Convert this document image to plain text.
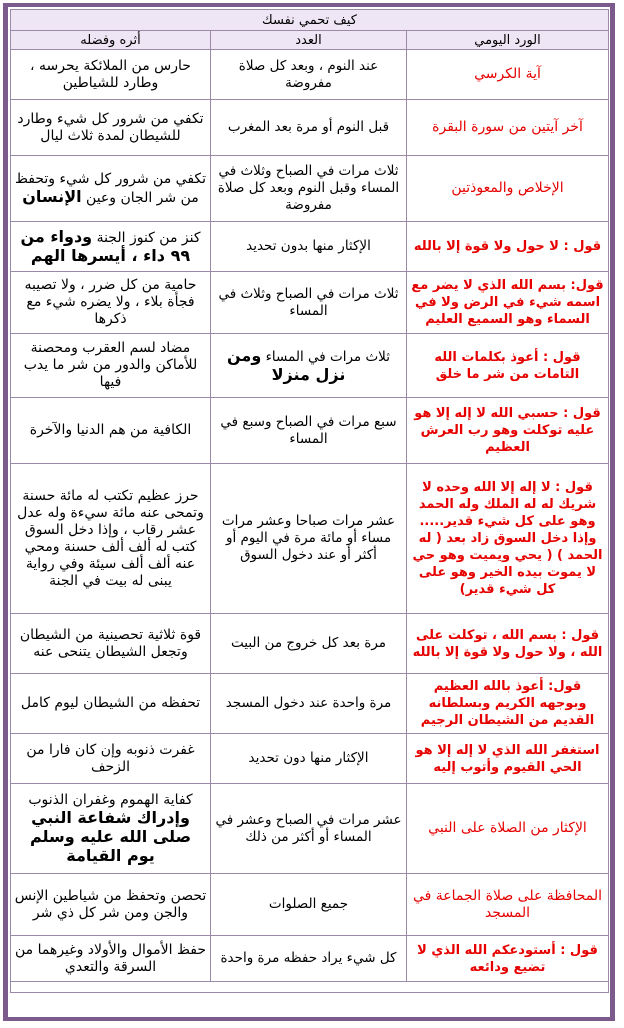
كيف تحمي نفسك		
الورد اليومي	العدد	أثره وفضله
آية الكرسي	عند النوم ، وبعد كل صلاة مفروضة	حارس من الملائكة يحرسه ، وطارد للشياطين
آخر آيتين من سورة البقرة	قبل النوم أو مرة بعد المغرب	تكفي من شرور كل شيء وطارد للشيطان لمدة ثلاث ليال
الإخلاص والمعوذتين	ثلاث مرات في الصباح وثلاث في المساء وقبل النوم وبعد كل صلاة مفروضة	تكفي من شرور كل شيء وتحفظ من شر الجان وعين الإنسان
قول : لا حول ولا قوة إلا بالله	الإكثار منها بدون تحديد	كنز من كنوز الجنة ودواء من ٩٩ داء ، أيسرها الهم
قول: بسم الله الذي لا يضر مع اسمه شيء في الرض ولا في السماء وهو السميع العليم	ثلاث مرات في الصباح وثلاث في المساء	حامية من كل ضرر ، ولا تصيبه فجأة بلاء ، ولا يضره شيء مع ذكرها
قول : أعوذ بكلمات الله التامات من شر ما خلق	ثلاث مرات في المساء ومن نزل منزلا	مضاد لسم العقرب ومحصنة للأماكن والدور من شر ما يدب فيها
قول : حسبي الله لا إله إلا هو عليه توكلت وهو رب العرش العظيم	سبع مرات في الصباح وسبع في المساء	الكافية من هم الدنيا والآخرة
قول : لا إله إلا الله وحده لا شريك له له الملك وله الحمد وهو على كل شيء قدير..... وإذا دخل السوق زاد بعد ( له الحمد ) ( يحي ويميت وهو حي لا يموت بيده الخير وهو على كل شيء قدير)	عشر مرات صباحا وعشر مرات مساء أو مائة مرة في اليوم أو أكثر أو عند دخول السوق	حرز عظيم تكتب له مائة حسنة وتمحى عنه مائة سيءة وله عدل عشر رقاب ، وإذا دخل السوق كتب له ألف ألف حسنة ومحي عنه ألف ألف سيئة وفي رواية يبنى له بيت في الجنة
قول : بسم الله ، توكلت على الله ، ولا حول ولا قوة إلا بالله	مرة بعد كل خروج من البيت	قوة ثلاثية تحصينية من الشيطان وتجعل الشيطان يتنحى عنه
قول: أعوذ بالله العظيم وبوجهه الكريم وبسلطانه القديم من الشيطان الرجيم	مرة واحدة عند دخول المسجد	تحفظه من الشيطان ليوم كامل
استغفر الله الذي لا إله إلا هو الحي القيوم وأتوب إليه	الإكثار منها دون تحديد	غفرت ذنوبه وإن كان فارا من الزحف
الإكثار من الصلاة على النبي	عشر مرات في الصباح وعشر في المساء أو أكثر من ذلك	كفاية الهموم وغفران الذنوب وإدراك شفاعة النبي صلى الله عليه وسلم يوم القيامة
المحافظة على صلاة الجماعة في المسجد	جميع الصلوات	تحصن وتحفظ من شياطين الإنس والجن ومن شر كل ذي شر
قول : أستودعكم الله الذي لا تضيع ودائعه	كل شيء يراد حفظه مرة واحدة	حفظ الأموال والأولاد وغيرهما من السرقة والتعدي
